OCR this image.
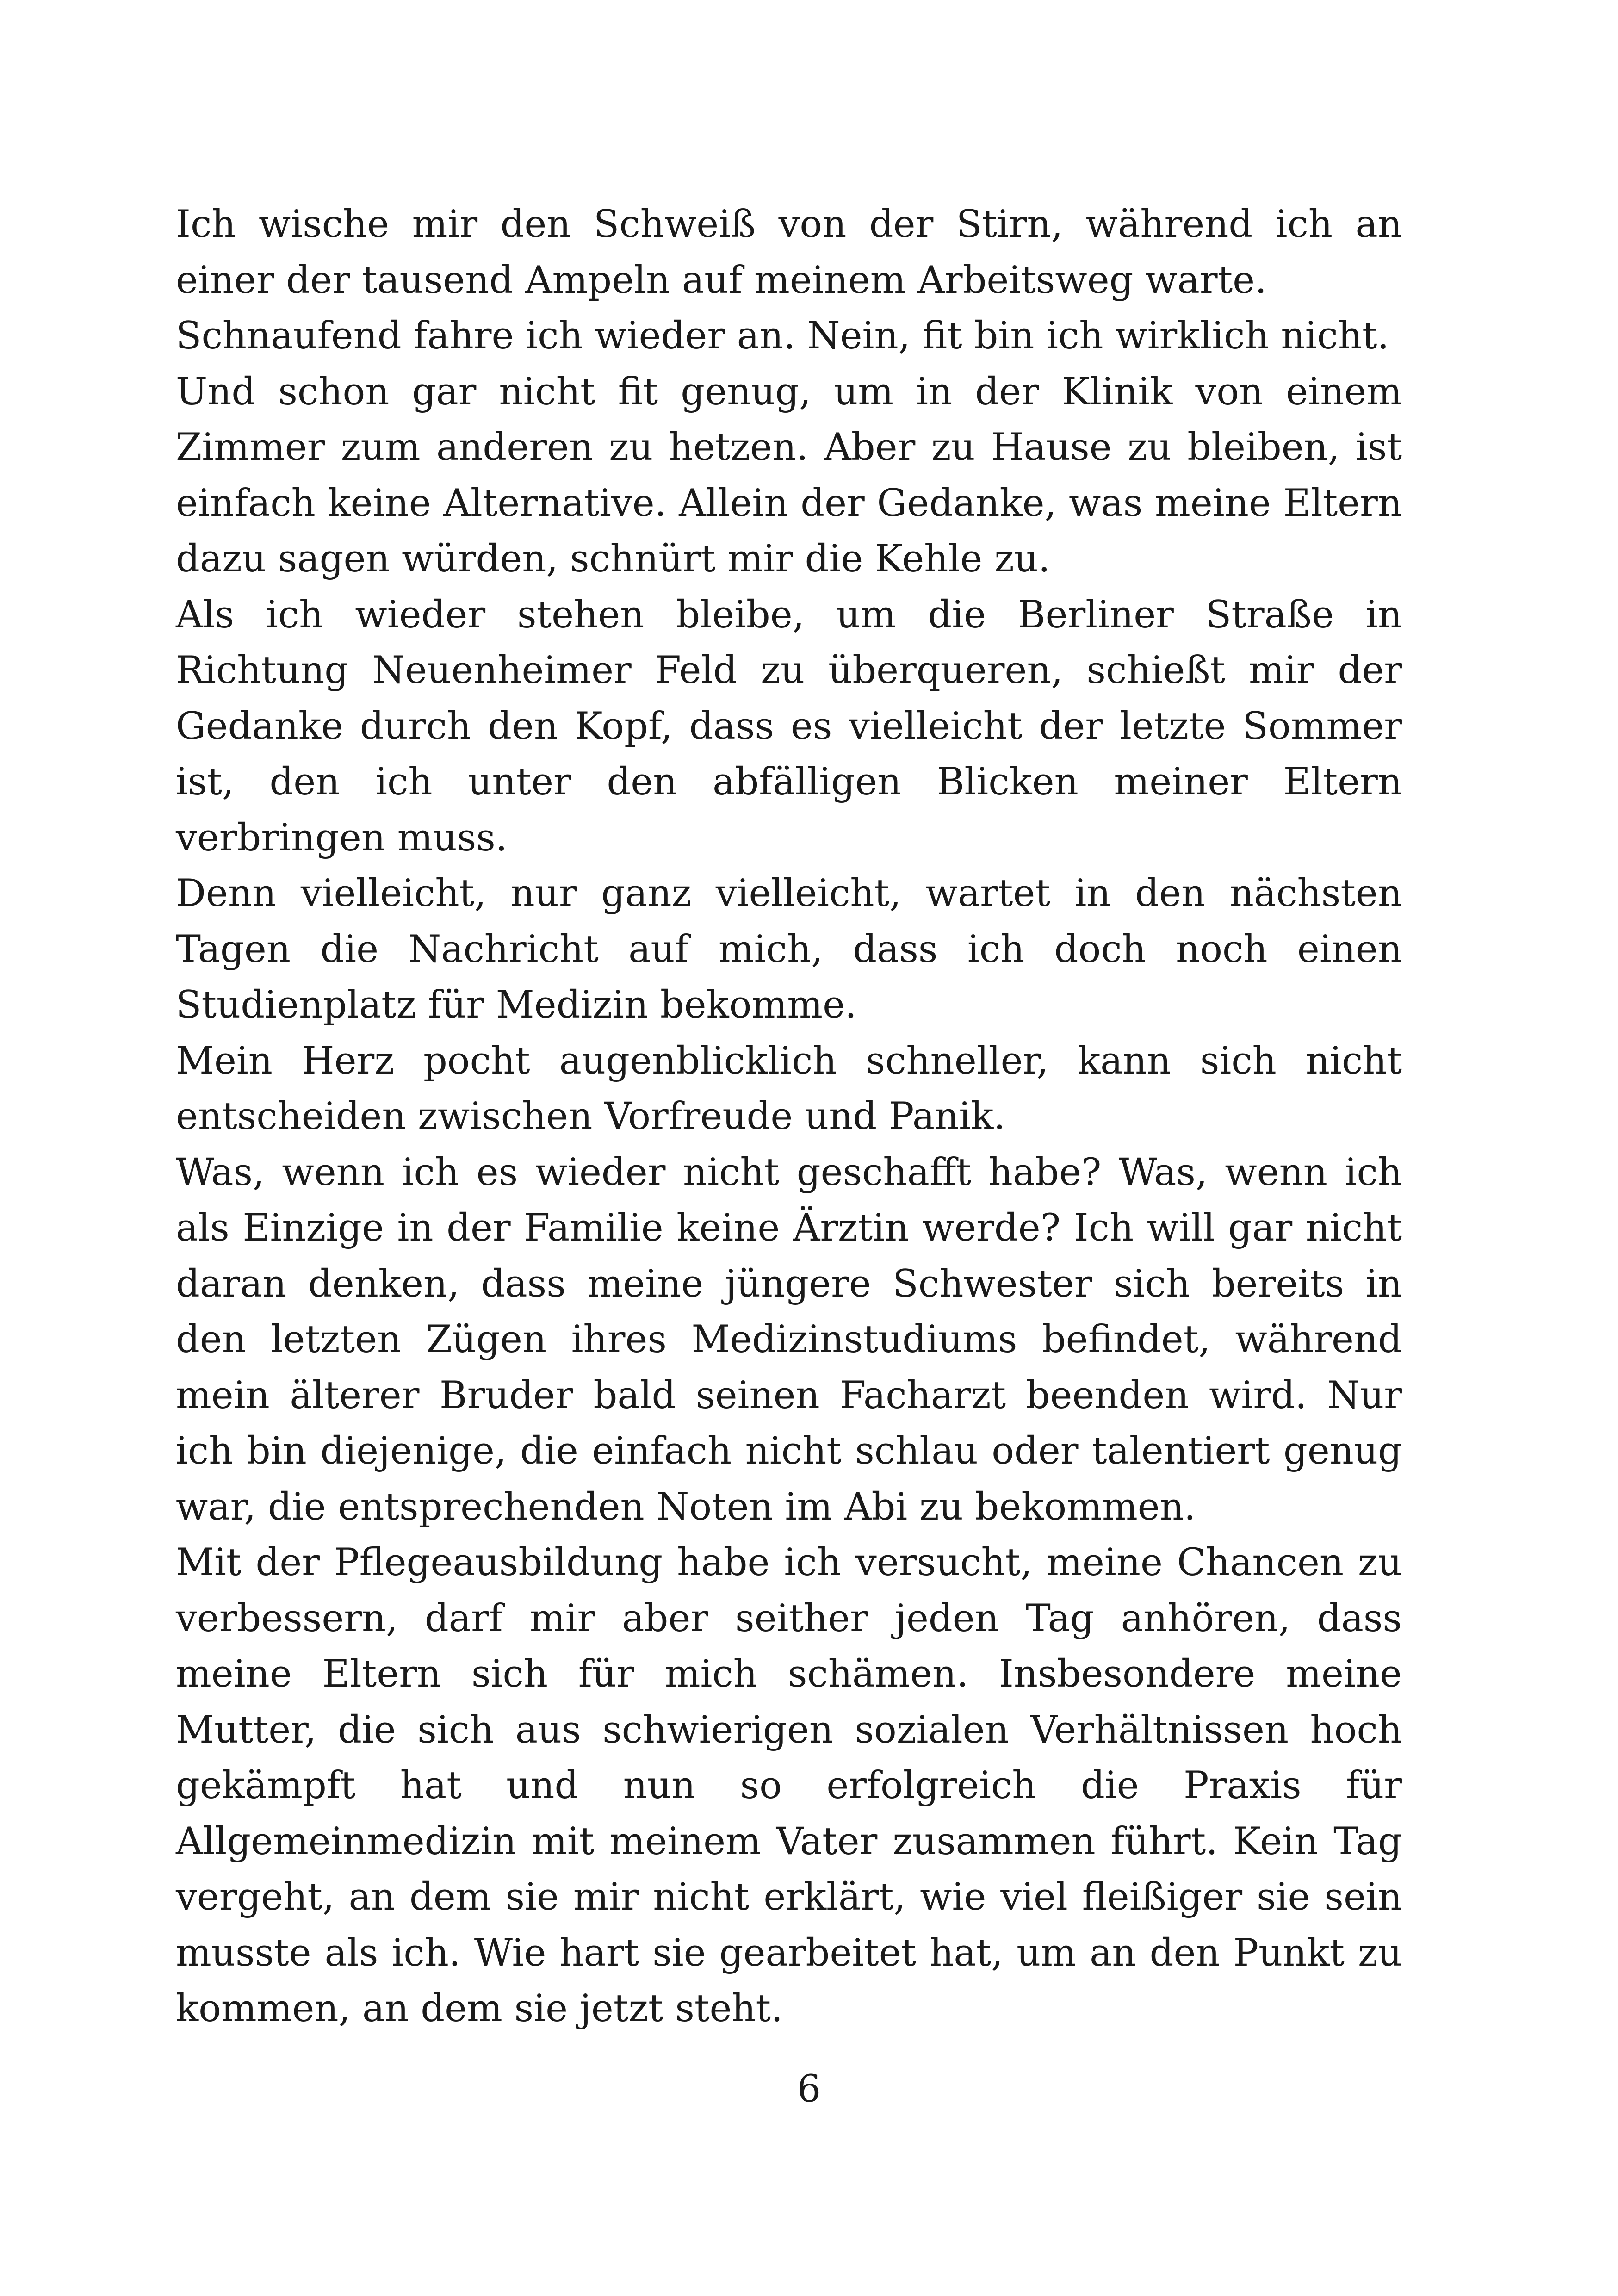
Ich wische mir den Schweiß von der Stirn, während ich an einer der tausend Ampeln auf meinem Arbeitsweg warte.

Schnaufend fahre ich wieder an. Nein, fit bin ich wirklich nicht.

Und schon gar nicht fit genug, um in der Klinik von einem Zimmer zum anderen zu hetzen. Aber zu Hause zu bleiben, ist einfach keine Alternative. Allein der Gedanke, was meine Eltern dazu sagen würden, schnürt mir die Kehle zu.

Als ich wieder stehen bleibe, um die Berliner Straße in Richtung Neuenheimer Feld zu überqueren, schießt mir der Gedanke durch den Kopf, dass es vielleicht der letzte Sommer ist, den ich unter den abfälligen Blicken meiner Eltern verbringen muss.

Denn vielleicht, nur ganz vielleicht, wartet in den nächsten Tagen die Nachricht auf mich, dass ich doch noch einen Studienplatz für Medizin bekomme.

Mein Herz pocht augenblicklich schneller, kann sich nicht entscheiden zwischen Vorfreude und Panik.

Was, wenn ich es wieder nicht geschafft habe? Was, wenn ich als Einzige in der Familie keine Ärztin werde? Ich will gar nicht daran denken, dass meine jüngere Schwester sich bereits in den letzten Zügen ihres Medizinstudiums befindet, während mein älterer Bruder bald seinen Facharzt beenden wird. Nur ich bin diejenige, die einfach nicht schlau oder talentiert genug war, die entsprechenden Noten im Abi zu bekommen.

Mit der Pflegeausbildung habe ich versucht, meine Chancen zu verbessern, darf mir aber seither jeden Tag anhören, dass meine Eltern sich für mich schämen. Insbesondere meine Mutter, die sich aus schwierigen sozialen Verhältnissen hoch gekämpft hat und nun so erfolgreich die Praxis für Allgemeinmedizin mit meinem Vater zusammen führt. Kein Tag vergeht, an dem sie mir nicht erklärt, wie viel fleißiger sie sein musste als ich. Wie hart sie gearbeitet hat, um an den Punkt zu kommen, an dem sie jetzt steht.

6
